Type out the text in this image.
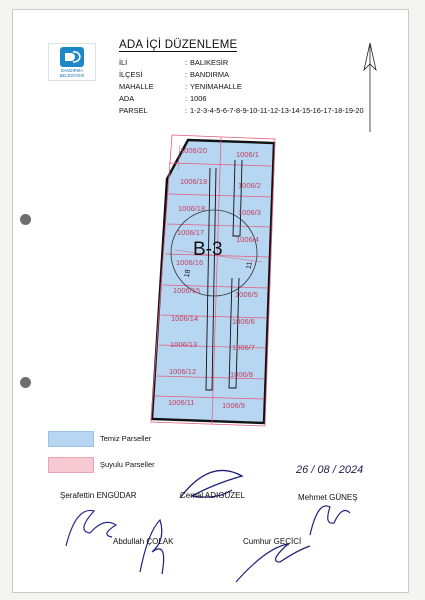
BANDIRMA
BELEDİYESİ
ADA İÇİ DÜZENLEME
İLİ	: BALIKESİR
İLÇESİ	: BANDIRMA
MAHALLE	: YENİMAHALLE
ADA	: 1006
PARSEL	: 1-2-3-4-5-6-7-8-9-10-11-12-13-14-15-16-17-18-19-20
1006/20
1006/19
1006/18
1006/17
1006/16
1006/15
1006/14
1006/13
1006/12
1006/11
1006/1
1006/2
1006/3
1006/4
1006/5
1006/6
1006/7
1006/8
1006/9
B-3
18
11
Temiz Parseller
Şuyulu Parseller	26 / 08 / 2024
Şerafettin ENGÜDAR	Cemal ADIGÜZEL	Mehmet GÜNEŞ
Abdullah ÇOLAK	Cumhur GEÇİCİ
